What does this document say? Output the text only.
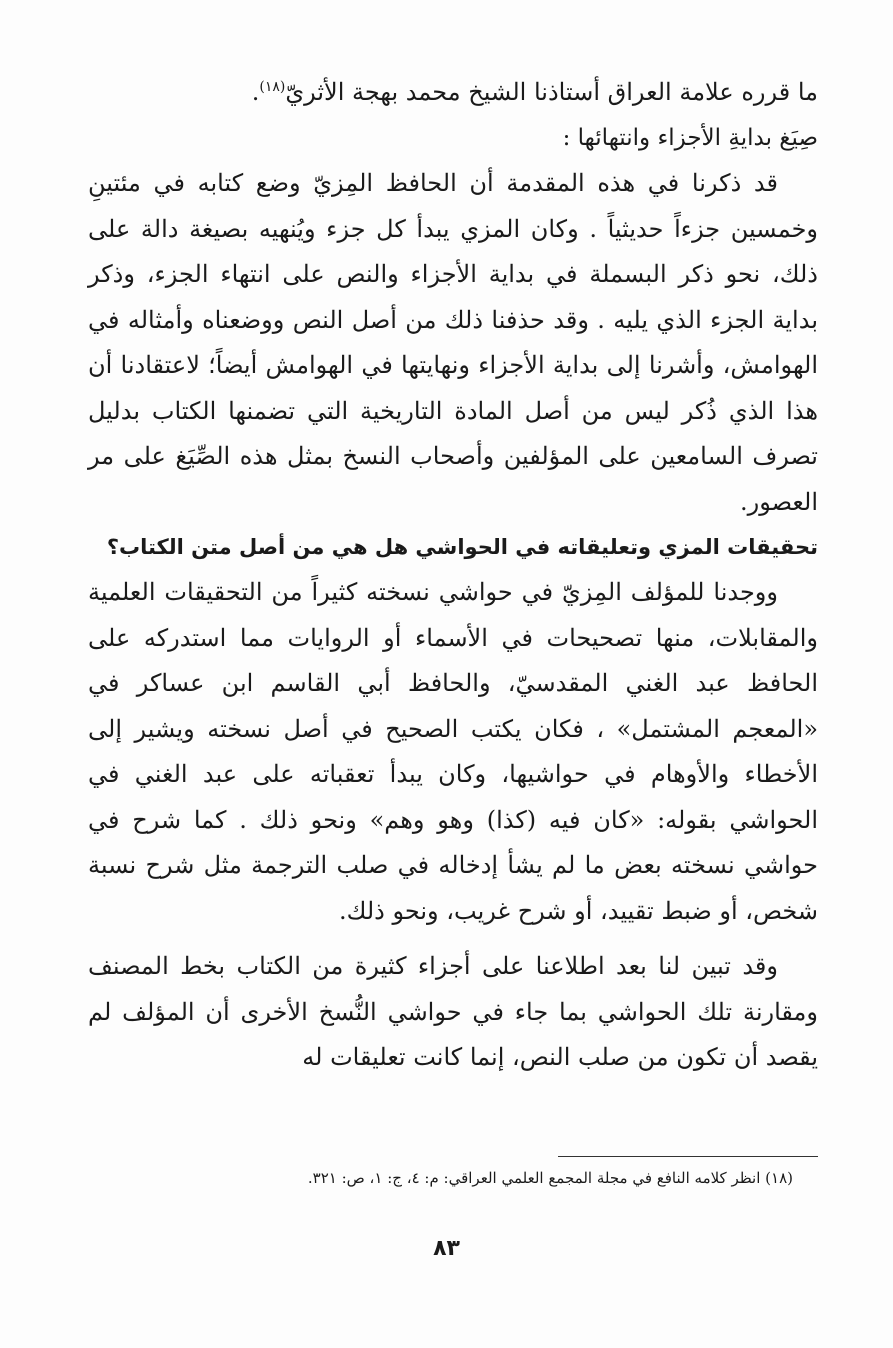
ما قرره علامة العراق أستاذنا الشيخ محمد بهجة الأثريّ$^{(١٨)}$.

صِيَغ بدايةِ الأجزاء وانتهائها :

قد ذكرنا في هذه المقدمة أن الحافظ المِزيّ وضع كتابه في مئتينِ وخمسين جزءاً حديثياً . وكان المزي يبدأ كل جزء ويُنهيه بصيغة دالة على ذلك، نحو ذكر البسملة في بداية الأجزاء والنص على انتهاء الجزء، وذكر بداية الجزء الذي يليه . وقد حذفنا ذلك من أصل النص ووضعناه وأمثاله في الهوامش، وأشرنا إلى بداية الأجزاء ونهايتها في الهوامش أيضاً؛ لاعتقادنا أن هذا الذي ذُكر ليس من أصل المادة التاريخية التي تضمنها الكتاب بدليل تصرف السامعين على المؤلفين وأصحاب النسخ بمثل هذه الصِّيَغ على مر العصور.

تحقيقات المزي وتعليقاته في الحواشي هل هي من أصل متن الكتاب؟

ووجدنا للمؤلف المِزيّ في حواشي نسخته كثيراً من التحقيقات العلمية والمقابلات، منها تصحيحات في الأسماء أو الروايات مما استدركه على الحافظ عبد الغني المقدسيّ، والحافظ أبي القاسم ابن عساكر في «المعجم المشتمل» ، فكان يكتب الصحيح في أصل نسخته ويشير إلى الأخطاء والأوهام في حواشيها، وكان يبدأ تعقباته على عبد الغني في الحواشي بقوله: «كان فيه (كذا) وهو وهم» ونحو ذلك . كما شرح في حواشي نسخته بعض ما لم يشأ إدخاله في صلب الترجمة مثل شرح نسبة شخص، أو ضبط تقييد، أو شرح غريب، ونحو ذلك.

وقد تبين لنا بعد اطلاعنا على أجزاء كثيرة من الكتاب بخط المصنف ومقارنة تلك الحواشي بما جاء في حواشي النُّسخ الأخرى أن المؤلف لم يقصد أن تكون من صلب النص، إنما كانت تعليقات له

(١٨) انظر كلامه النافع في مجلة المجمع العلمي العراقي: م: ٤، ج: ١، ص: ٣٢١.
٨٣
